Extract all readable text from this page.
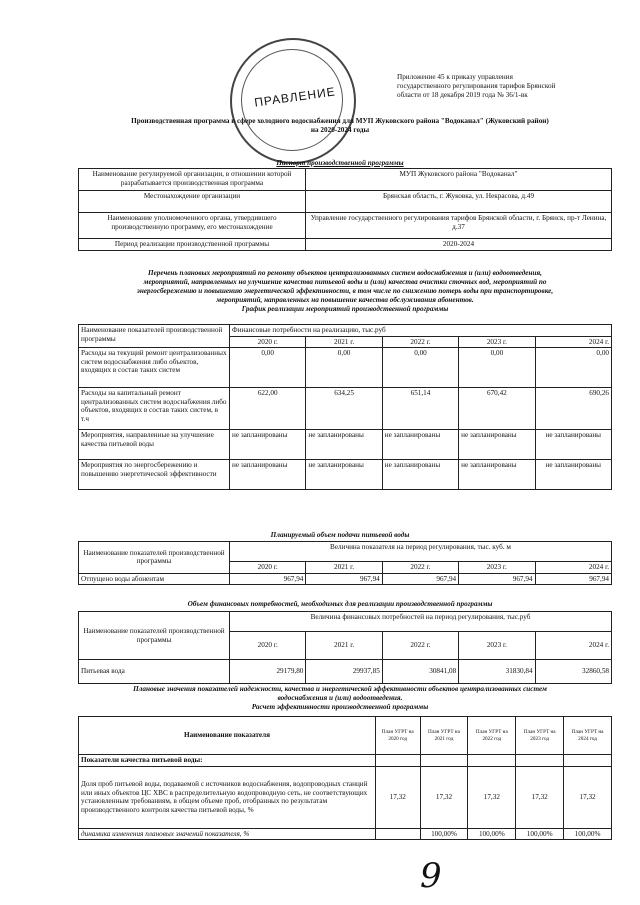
Приложение 45 к приказу управления
государственного регулирования тарифов Брянской
области от 18 декабря 2019 года № 36/1-вк
ПРАВЛЕНИЕ
Производственная программа в сфере холодного водоснабжения для МУП Жуковского района "Водоканал" (Жуковский район)
на 2020-2024 годы
Паспорт производственной программы
Наименование регулируемой организации, в отношении которой разрабатывается производственная программа	МУП Жуковского района "Водоканал"
Местонахождение организации	Брянская область, г. Жуковка, ул. Некрасова, д.49
Наименование уполномоченного органа, утвердившего производственную программу, его местонахождение	Управление государственного регулирования тарифов Брянской области, г. Брянск, пр-т Ленина, д.37
Период реализации производственной программы	2020-2024
Перечень плановых мероприятий по ремонту объектов централизованных систем водоснабжения и (или) водоотведения,
мероприятий, направленных на улучшение качества питьевой воды и (или) качества очистки сточных вод, мероприятий по
энергосбережению и повышению энергетической эффективности, в том числе по снижению потерь воды при транспортировке,
мероприятий, направленных на повышение качества обслуживания абонентов.
График реализации мероприятий производственной программы
Наименование показателей производственной программы	Финансовые потребности на реализацию, тыс.руб				
	2020 г.	2021 г.	2022 г.	2023 г.	2024 г.
Расходы на текущий ремонт централизованных систем водоснабжения либо объектов, входящих в состав таких систем	0,00	0,00	0,00	0,00	0,00
Расходы на капитальный ремонт централизованных систем водоснабжения либо объектов, входящих в состав таких систем, в т.ч	622,00	634,25	651,14	670,42	690,26
Мероприятия, направленные на улучшение качества питьевой воды	не запланированы	не запланированы	не запланированы	не запланированы	не запланированы
Мероприятия по энергосбережению и повышению энергетической эффективности	не запланированы	не запланированы	не запланированы	не запланированы	не запланированы
Планируемый объем подачи питьевой воды
Наименование показателей производственной программы	Величина показателя на период регулирования, тыс. куб. м				
	2020 г.	2021 г.	2022 г.	2023 г.	2024 г.
Отпущено воды абонентам	967,94	967,94	967,94	967,94	967,94
Объем финансовых потребностей, необходимых для реализации производственной программы
Наименование показателей производственной программы	Величина финансовых потребностей на период регулирования, тыс.руб				
	2020 г.	2021 г.	2022 г.	2023 г.	2024 г.
Питьевая вода	29179,80	29937,85	30841,08	31830,84	32860,58
Плановые значения показателей надежности, качества и энергетической эффективности объектов централизованных систем
водоснабжения и (или) водоотведения.
Расчет эффективности производственной программы
Наименование показателя	План УГРТ на 2020 год	План УГРТ на 2021 год	План УГРТ на 2022 год	План УГРТ на 2023 год	План УГРТ на 2024 год
Показатели качества питьевой воды:					
Доля проб питьевой воды, подаваемой с источников водоснабжения, водопроводных станций или иных объектов ЦС ХВС в распределительную водопроводную сеть, не соответствующих установленным требованиям, в общем объеме проб, отобранных по результатам производственного контроля качества питьевой воды, %	17,32	17,32	17,32	17,32	17,32
динамика изменения плановых значений показателя, %		100,00%	100,00%	100,00%	100,00%
9
